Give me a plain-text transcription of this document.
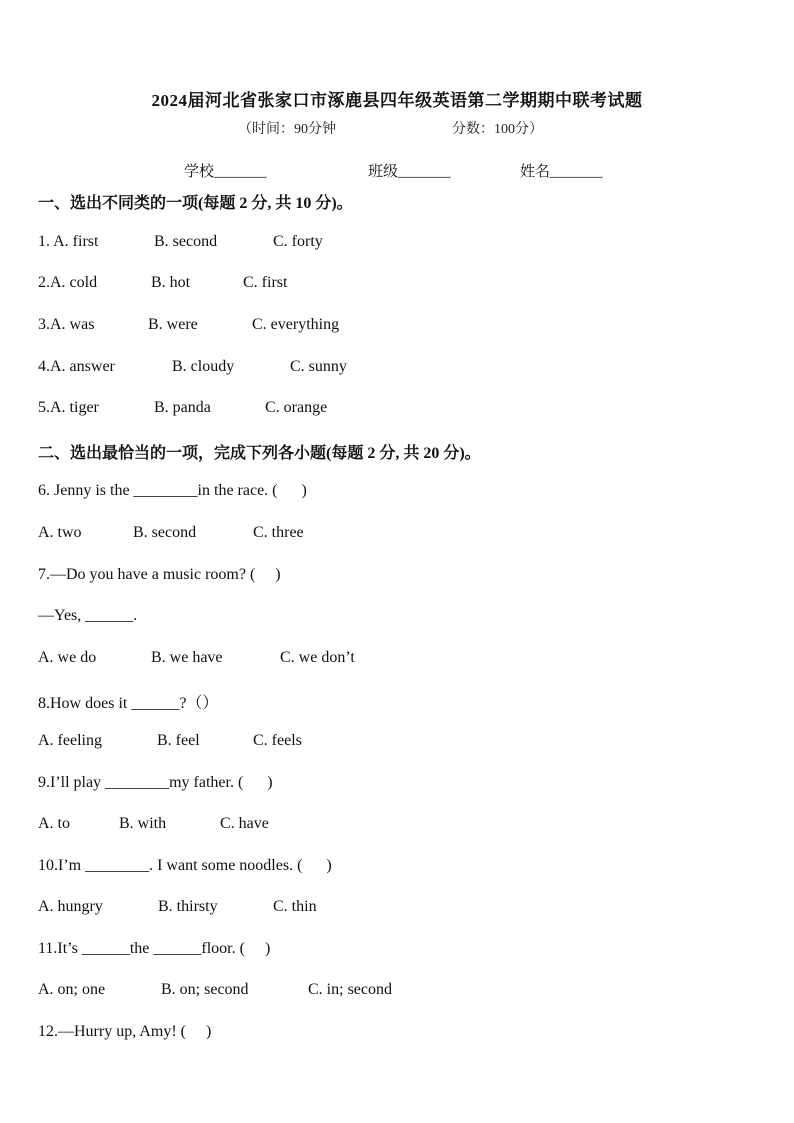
2024届河北省张家口市涿鹿县四年级英语第二学期期中联考试题
（时间：90分钟	分数：100分）
学校_______	班级_______	姓名_______
一、选出不同类的一项(每题 2 分, 共 10 分)。
1. A. first	B. second	C. forty
2.A. cold	B. hot	C. first
3.A. was	B. were	C. everything
4.A. answer	B. cloudy	C. sunny
5.A. tiger	B. panda	C. orange
二、选出最恰当的一项，完成下列各小题(每题 2 分, 共 20 分)。
6. Jenny is the ________in the race. (      )
A. two	B. second	C. three
7.—Do you have a music room? (     )
—Yes, ______.
A. we do	B. we have	C. we don’t
8.How does it ______?（）
A. feeling	B. feel	C. feels
9.I’ll play ________my father. (      )
A. to	B. with	C. have
10.I’m ________. I want some noodles. (      )
A. hungry	B. thirsty	C. thin
11.It’s ______the ______floor. (     )
A. on; one	B. on; second	C. in; second
12.—Hurry up, Amy! (     )
